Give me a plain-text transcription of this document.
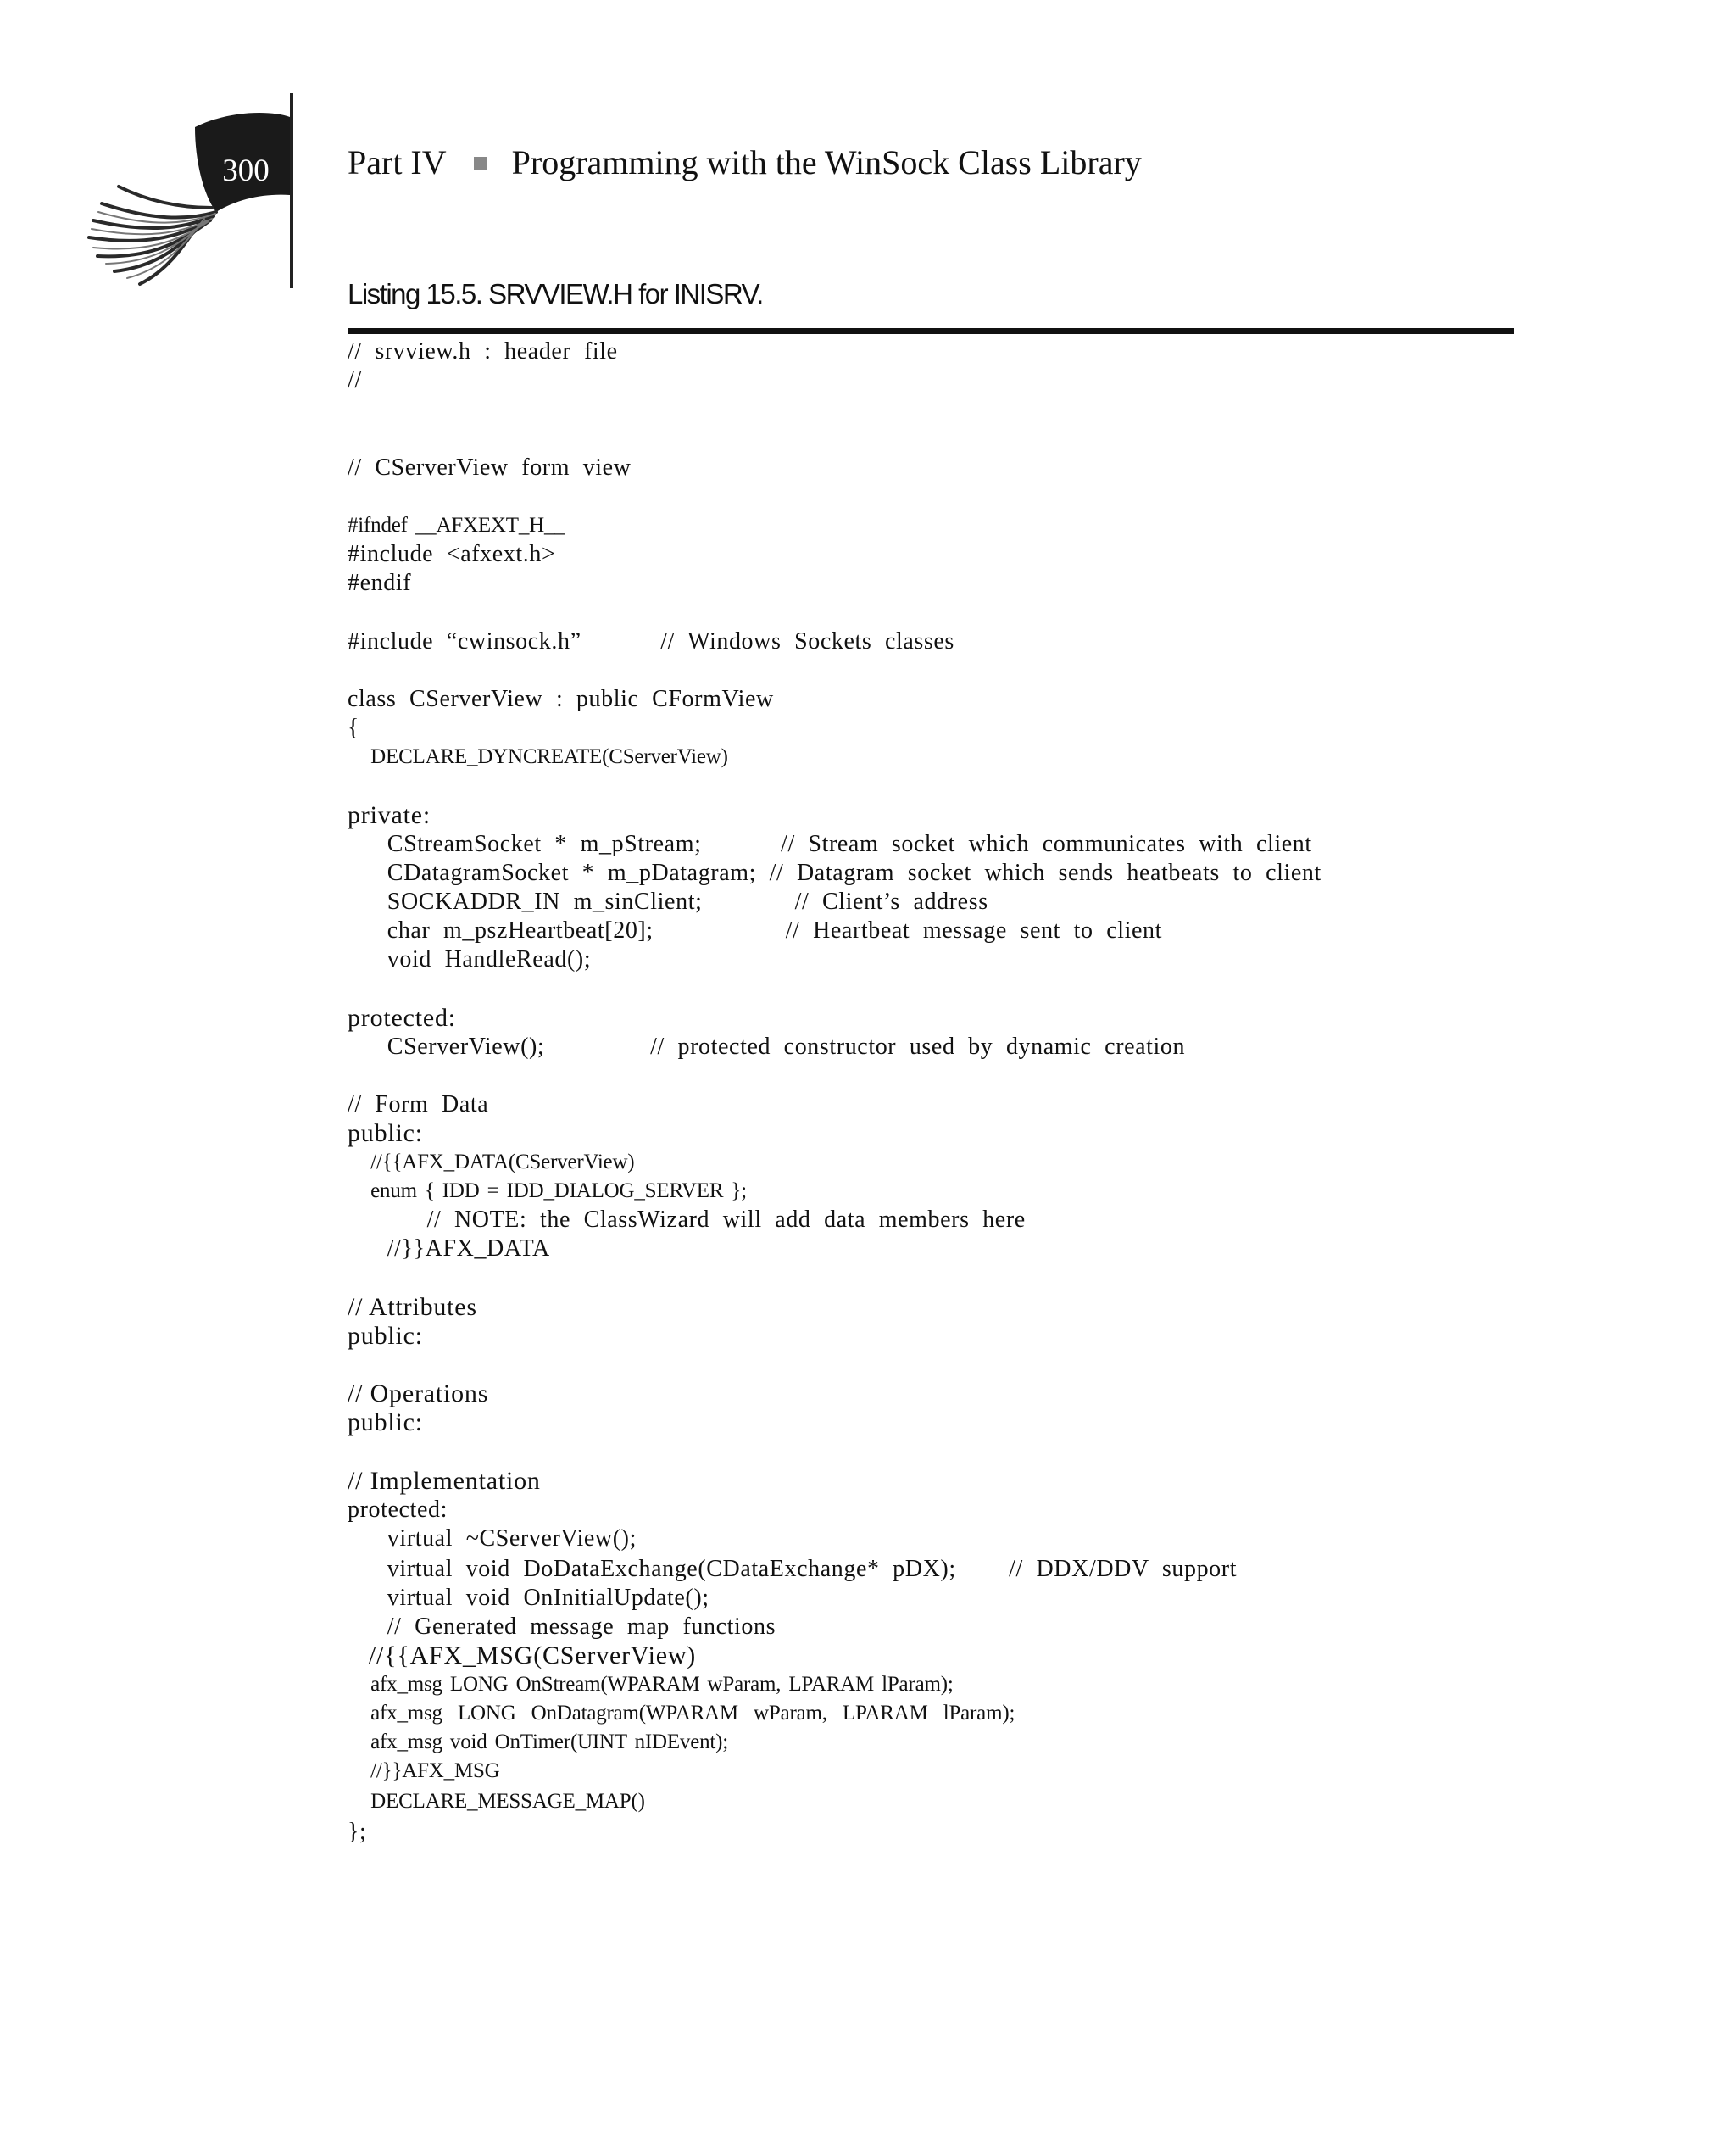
300	Part IV Programming with the WinSock Class Library
Listing 15.5. SRVVIEW.H for INISRV.
// srvview.h : header file
//
// CServerView form view
#ifndef __AFXEXT_H__
#include <afxext.h>
#endif
#include “cwinsock.h”      // Windows Sockets classes
class CServerView : public CFormView
{
DECLARE_DYNCREATE(CServerView)
private:
CStreamSocket * m_pStream;      // Stream socket which communicates with client
CDatagramSocket * m_pDatagram; // Datagram socket which sends heatbeats to client
SOCKADDR_IN m_sinClient;       // Client’s address
char m_pszHeartbeat[20];          // Heartbeat message sent to client
void HandleRead();
protected:
CServerView();        // protected constructor used by dynamic creation
// Form Data
public:
//{{AFX_DATA(CServerView)
enum { IDD = IDD_DIALOG_SERVER };
// NOTE: the ClassWizard will add data members here
//}}AFX_DATA
// Attributes
public:
// Operations
public:
// Implementation
protected:
virtual ~CServerView();
virtual void DoDataExchange(CDataExchange* pDX);    // DDX/DDV support
virtual void OnInitialUpdate();
// Generated message map functions
//{{AFX_MSG(CServerView)
afx_msg LONG OnStream(WPARAM wParam, LPARAM lParam);
afx_msg  LONG  OnDatagram(WPARAM  wParam,  LPARAM  lParam);
afx_msg void OnTimer(UINT nIDEvent);
//}}AFX_MSG
DECLARE_MESSAGE_MAP()
};
